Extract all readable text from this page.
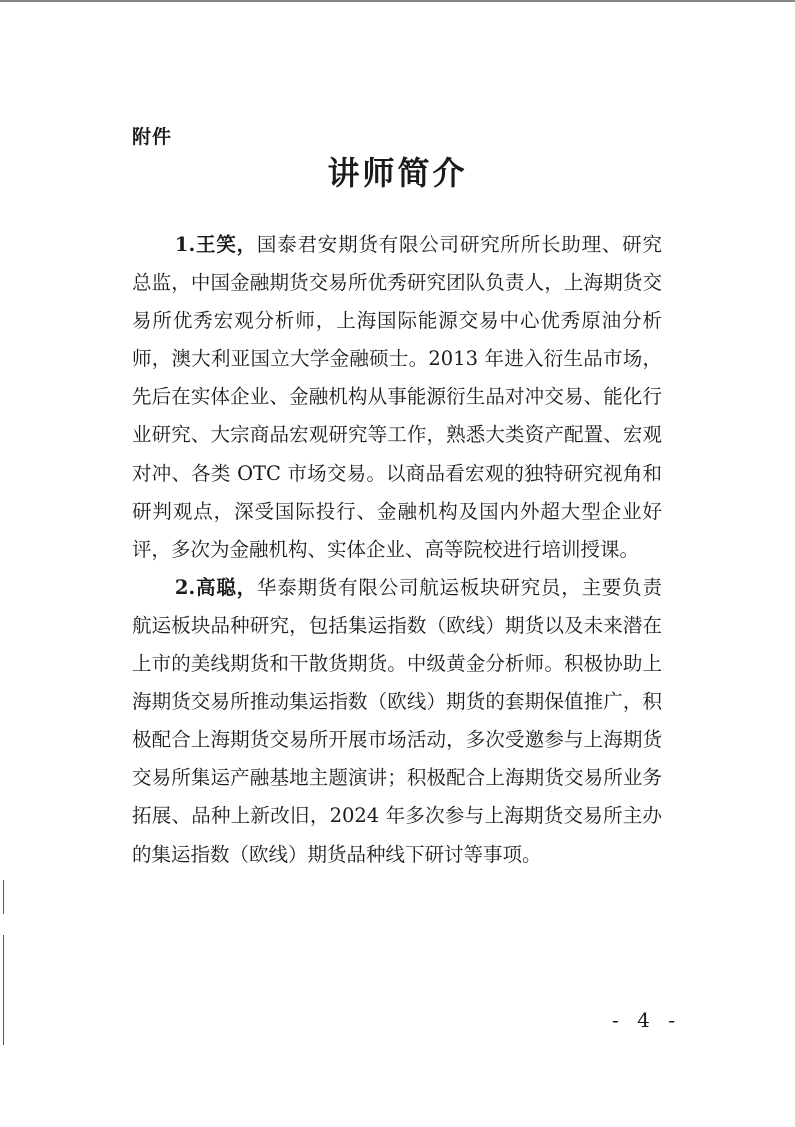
附件
讲师简介

1.王笑，国泰君安期货有限公司研究所所长助理、研究总监，中国金融期货交易所优秀研究团队负责人，上海期货交易所优秀宏观分析师，上海国际能源交易中心优秀原油分析师，澳大利亚国立大学金融硕士。2013 年进入衍生品市场，先后在实体企业、金融机构从事能源衍生品对冲交易、能化行业研究、大宗商品宏观研究等工作，熟悉大类资产配置、宏观对冲、各类 OTC 市场交易。以商品看宏观的独特研究视角和研判观点，深受国际投行、金融机构及国内外超大型企业好评，多次为金融机构、实体企业、高等院校进行培训授课。

2.高聪，华泰期货有限公司航运板块研究员，主要负责航运板块品种研究，包括集运指数（欧线）期货以及未来潜在上市的美线期货和干散货期货。中级黄金分析师。积极协助上海期货交易所推动集运指数（欧线）期货的套期保值推广，积极配合上海期货交易所开展市场活动，多次受邀参与上海期货交易所集运产融基地主题演讲；积极配合上海期货交易所业务拓展、品种上新改旧，2024 年多次参与上海期货交易所主办的集运指数（欧线）期货品种线下研讨等事项。

- 4 -
